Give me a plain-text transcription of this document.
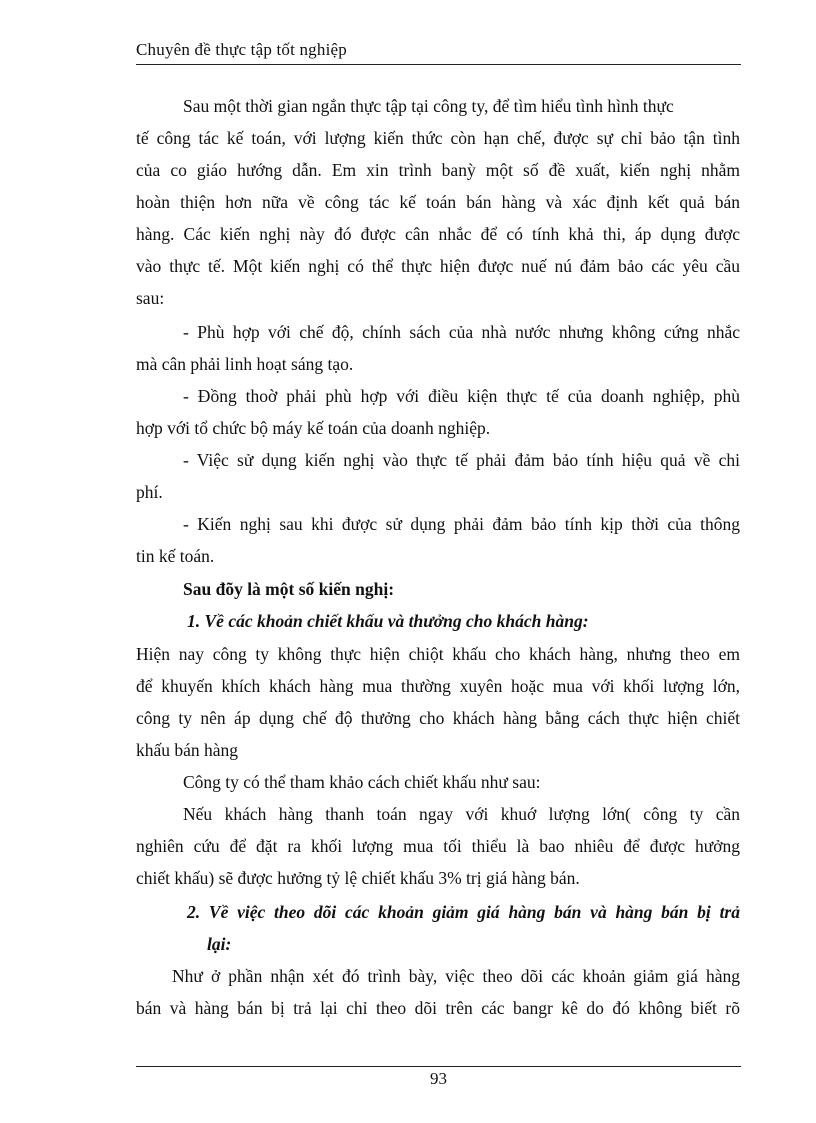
Chuyên đề thực tập tốt nghiệp
Sau một thời gian ngắn thực tập tại công ty, để tìm hiểu tình hình thực
tế công tác kế toán, với lượng kiến thức còn hạn chế, được sự chỉ bảo tận tình
của co giáo hướng dẫn. Em xin trình banỳ một số đề xuất, kiến nghị nhằm
hoàn thiện hơn nữa về công tác kế toán bán hàng và xác định kết quả bán
hàng. Các kiến nghị này đó được cân nhắc để có tính khả thi, áp dụng được
vào thực tế. Một kiến nghị có thể thực hiện được nuế nú đảm bảo các yêu cầu
sau:
- Phù hợp với chế độ, chính sách của nhà nước nhưng không cứng nhắc
mà cân phải linh hoạt sáng tạo.
- Đồng thoờ phải phù hợp với điều kiện thực tế của doanh nghiệp, phù
hợp với tổ chức bộ máy kế toán của doanh nghiệp.
- Việc sử dụng kiến nghị vào thực tế phải đảm bảo tính hiệu quả về chi
phí.
- Kiến nghị sau khi được sử dụng phải đảm bảo tính kịp thời của thông
tin kế toán.
Sau đõy là một số kiến nghị:
1. Về các khoản chiết khấu và thưởng cho khách hàng:
Hiện nay công ty không thực hiện chiột khấu cho khách hàng, nhưng theo em
để khuyến khích khách hàng mua thường xuyên hoặc mua với khối lượng lớn,
công ty nên áp dụng chế độ thưởng cho khách hàng bằng cách thực hiện chiết
khấu bán hàng
Công ty có thể tham khảo cách chiết khấu như sau:
Nếu khách hàng thanh toán ngay với khuớ lượng lớn( công ty cần
nghiên cứu để đặt ra khối lượng mua tối thiểu là bao nhiêu để được hưởng
chiết khấu) sẽ được hưởng tỷ lệ chiết khấu 3% trị giá hàng bán.
2. Về việc theo dõi các khoản giảm giá hàng bán và hàng bán bị trả
lại:
Như ở phần nhận xét đó trình bày, việc theo dõi các khoản giảm giá hàng
bán và hàng bán bị trả lại chỉ theo dõi trên các bangr kê do đó không biết rõ
93
